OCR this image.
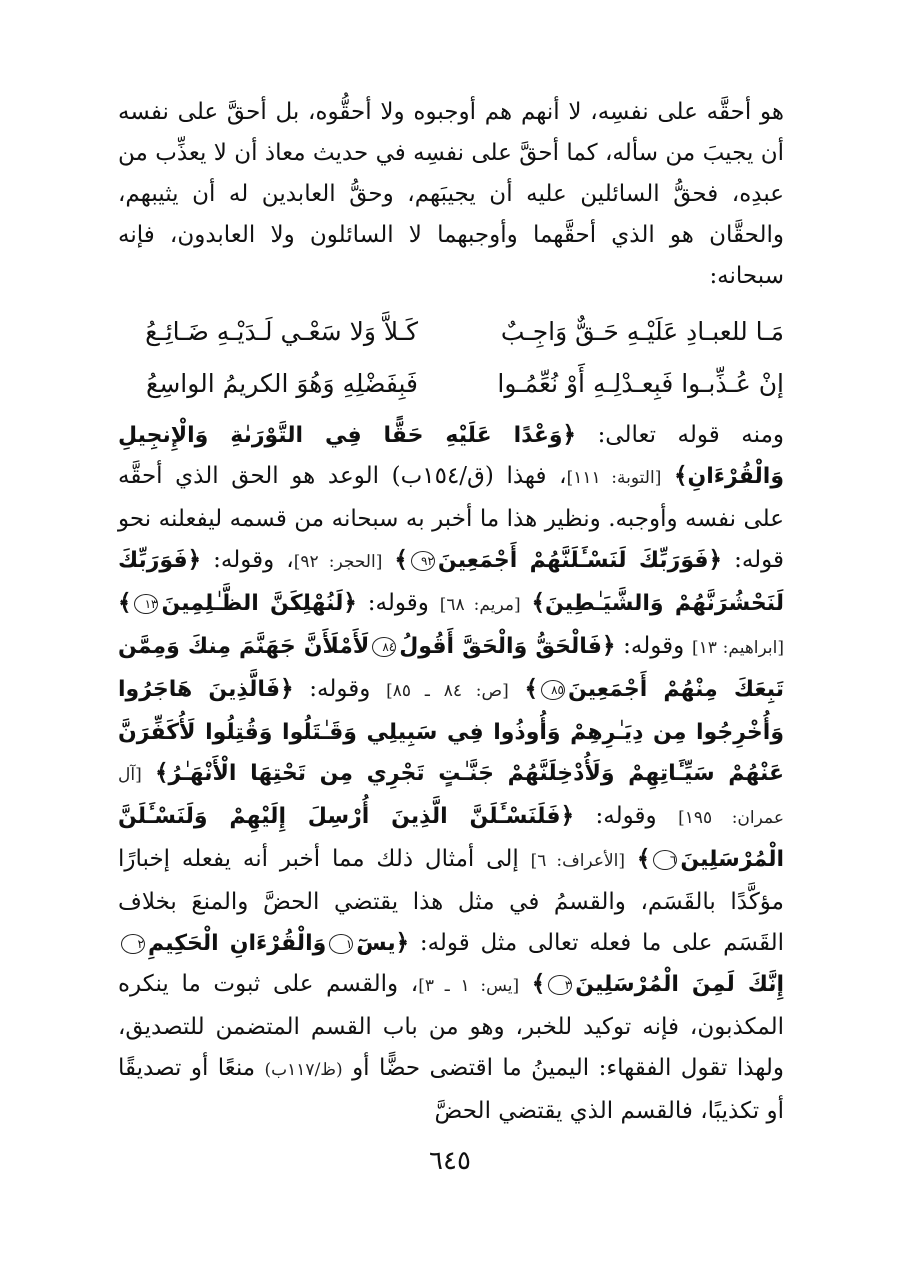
هو أحقَّه على نفسِه، لا أنهم هم أوجبوه ولا أحقُّوه، بل أحقَّ على نفسه أن يجيبَ من سأله، كما أحقَّ على نفسِه في حديث معاذ أن لا يعذِّب من عبدِه، فحقُّ السائلين عليه أن يجيبَهم، وحقُّ العابدين له أن يثيبهم، والحقَّان هو الذي أحقَّهما وأوجبهما لا السائلون ولا العابدون، فإنه سبحانه:

مَـا للعبـادِ عَلَيْـهِ حَـقٌّ وَاجِـبٌ
كَـلاَّ وَلا سَعْـي لَـدَيْـهِ ضَـائِـعُ
إنْ عُـذِّبـوا فَبِعـدْلِـهِ أَوْ نُعِّمُـوا
فَبِفَضْلِهِ وَهُوَ الكريمُ الواسِعُ

ومنه قوله تعالى: ﴿وَعْدًا عَلَيْهِ حَقًّا فِي التَّوْرَىٰةِ وَالْإِنجِيلِ وَالْقُرْءَانِ﴾ [التوبة: ١١١]، فهذا (ق/١٥٤ب) الوعد هو الحق الذي أحقَّه على نفسه وأوجبه. ونظير هذا ما أخبر به سبحانه من قسمه ليفعلنه نحو قوله: ﴿فَوَرَبِّكَ لَنَسْـَٔلَنَّهُمْ أَجْمَعِينَ٩٢﴾ [الحجر: ٩٢]، وقوله: ﴿فَوَرَبِّكَ لَنَحْشُرَنَّهُمْ وَالشَّيَـٰطِينَ﴾ [مريم: ٦٨] وقوله: ﴿لَنُهْلِكَنَّ الظَّـٰلِمِينَ١٣﴾ [ابراهيم: ١٣] وقوله: ﴿فَالْحَقُّ وَالْحَقَّ أَقُولُ٨٤لَأَمْلَأَنَّ جَهَنَّمَ مِنكَ وَمِمَّن تَبِعَكَ مِنْهُمْ أَجْمَعِينَ٨٥﴾ [ص: ٨٤ ـ ٨٥] وقوله: ﴿فَالَّذِينَ هَاجَرُوا وَأُخْرِجُوا مِن دِيَـٰرِهِمْ وَأُوذُوا فِي سَبِيلِي وَقَـٰتَلُوا وَقُتِلُوا لَأُكَفِّرَنَّ عَنْهُمْ سَيِّـَٔاتِهِمْ وَلَأُدْخِلَنَّهُمْ جَنَّـٰتٍ تَجْرِي مِن تَحْتِهَا الْأَنْهَـٰرُ﴾ [آل عمران: ١٩٥] وقوله: ﴿فَلَنَسْـَٔلَنَّ الَّذِينَ أُرْسِلَ إِلَيْهِمْ وَلَنَسْـَٔلَنَّ الْمُرْسَلِينَ٦﴾ [الأعراف: ٦] إلى أمثال ذلك مما أخبر أنه يفعله إخبارًا مؤكَّدًا بالقَسَم، والقسمُ في مثل هذا يقتضي الحضَّ والمنعَ بخلاف القَسَم على ما فعله تعالى مثل قوله: ﴿يسٓ١وَالْقُرْءَانِ الْحَكِيمِ٢إِنَّكَ لَمِنَ الْمُرْسَلِينَ٣﴾ [يس: ١ ـ ٣]، والقسم على ثبوت ما ينكره المكذبون، فإنه توكيد للخبر، وهو من باب القسم المتضمن للتصديق، ولهذا تقول الفقهاء: اليمينُ ما اقتضى حضًّا أو (ظ/١١٧ب) منعًا أو تصديقًا أو تكذيبًا، فالقسم الذي يقتضي الحضَّ

٦٤٥
